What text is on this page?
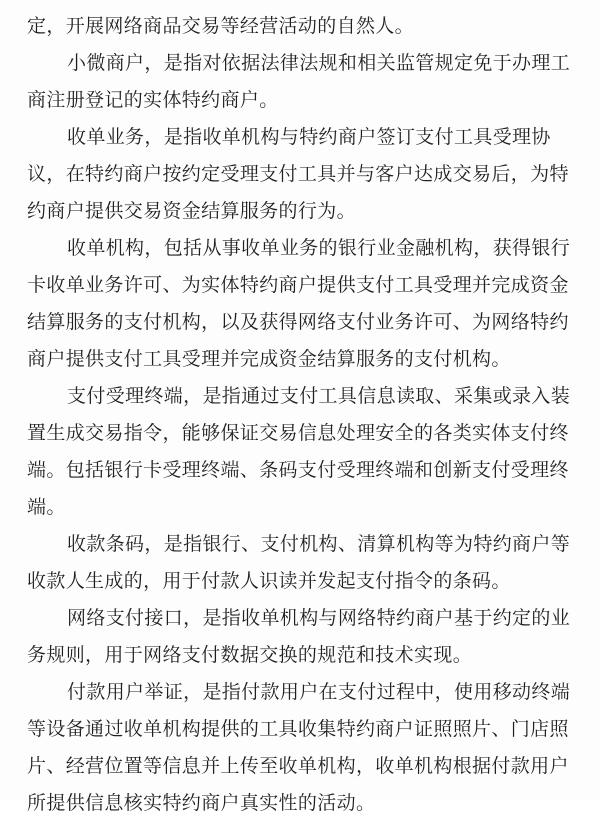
定，开展网络商品交易等经营活动的自然人。
小微商户，是指对依据法律法规和相关监管规定免于办理工
商注册登记的实体特约商户。
收单业务，是指收单机构与特约商户签订支付工具受理协
议，在特约商户按约定受理支付工具并与客户达成交易后，为特
约商户提供交易资金结算服务的行为。
收单机构，包括从事收单业务的银行业金融机构，获得银行
卡收单业务许可、为实体特约商户提供支付工具受理并完成资金
结算服务的支付机构，以及获得网络支付业务许可、为网络特约
商户提供支付工具受理并完成资金结算服务的支付机构。
支付受理终端，是指通过支付工具信息读取、采集或录入装
置生成交易指令，能够保证交易信息处理安全的各类实体支付终
端。包括银行卡受理终端、条码支付受理终端和创新支付受理终
端。
收款条码，是指银行、支付机构、清算机构等为特约商户等
收款人生成的，用于付款人识读并发起支付指令的条码。
网络支付接口，是指收单机构与网络特约商户基于约定的业
务规则，用于网络支付数据交换的规范和技术实现。
付款用户举证，是指付款用户在支付过程中，使用移动终端
等设备通过收单机构提供的工具收集特约商户证照照片、门店照
片、经营位置等信息并上传至收单机构，收单机构根据付款用户
所提供信息核实特约商户真实性的活动。
